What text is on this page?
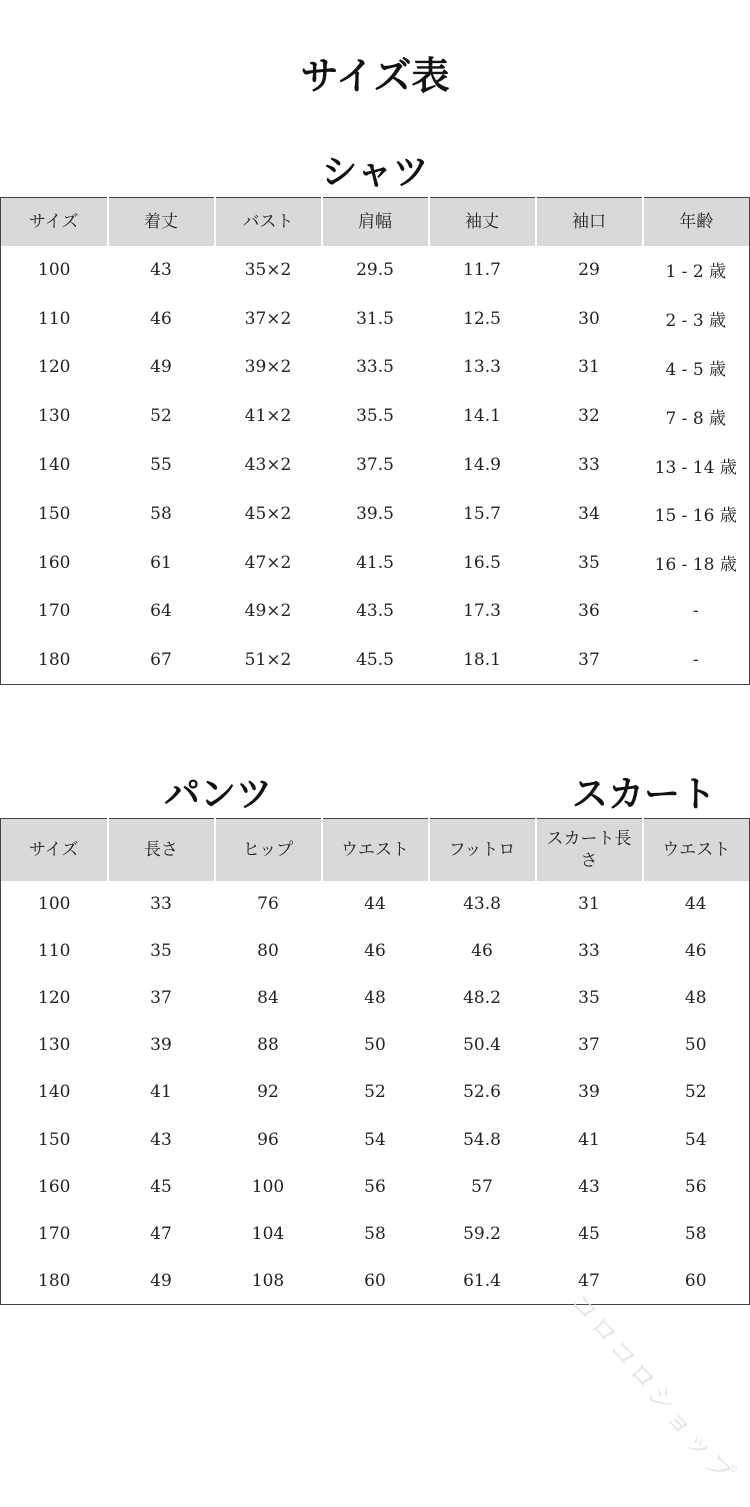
サイズ表
シャツ
サイズ	着丈	バスト	肩幅	袖丈	袖口	年齢
100	43	35×2	29.5	11.7	29	1 - 2 歳
110	46	37×2	31.5	12.5	30	2 - 3 歳
120	49	39×2	33.5	13.3	31	4 - 5 歳
130	52	41×2	35.5	14.1	32	7 - 8 歳
140	55	43×2	37.5	14.9	33	13 - 14 歳
150	58	45×2	39.5	15.7	34	15 - 16 歳
160	61	47×2	41.5	16.5	35	16 - 18 歳
170	64	49×2	43.5	17.3	36	-
180	67	51×2	45.5	18.1	37	-
パンツ	スカート
サイズ	長さ	ヒップ	ウエスト	フットロ	スカート長さ	ウエスト
100	33	76	44	43.8	31	44
110	35	80	46	46	33	46
120	37	84	48	48.2	35	48
130	39	88	50	50.4	37	50
140	41	92	52	52.6	39	52
150	43	96	54	54.8	41	54
160	45	100	56	57	43	56
170	47	104	58	59.2	45	58
180	49	108	60	61.4	47	60
コロコロショップ
